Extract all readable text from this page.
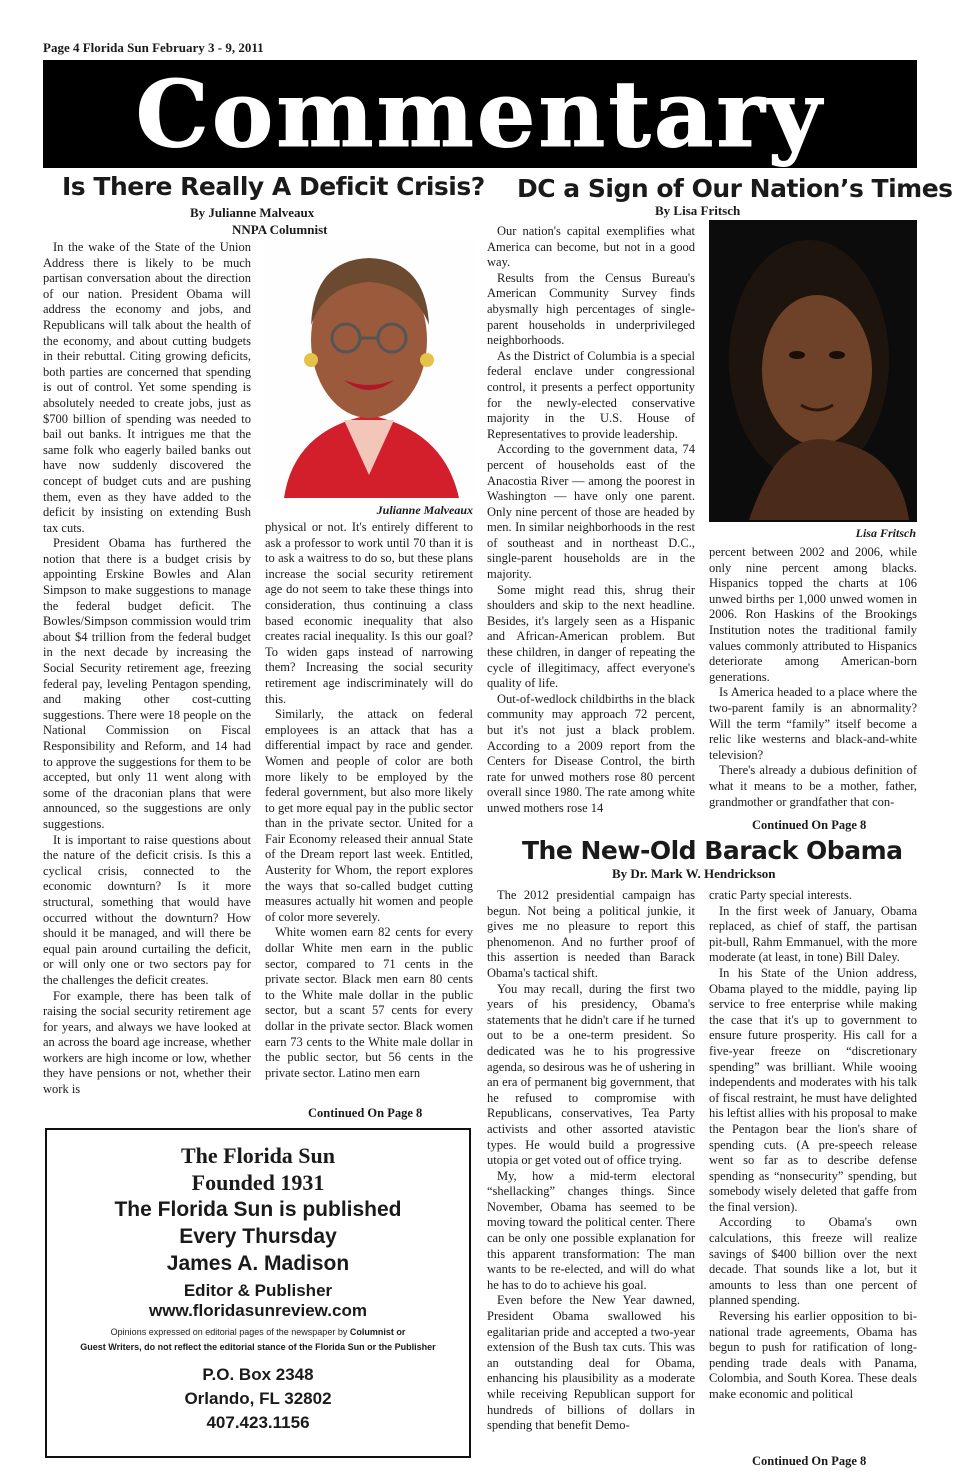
Page 4 Florida Sun February 3 - 9, 2011
Commentary
Is There Really A Deficit Crisis?
By Julianne Malveaux
NNPA Columnist

In the wake of the State of the Union Address there is likely to be much partisan conversation about the direction of our nation. President Obama will address the economy and jobs, and Republicans will talk about the health of the economy, and about cutting budgets in their rebuttal. Citing growing deficits, both parties are concerned that spending is out of control. Yet some spending is absolutely needed to create jobs, just as $700 billion of spending was needed to bail out banks. It intrigues me that the same folk who eagerly bailed banks out have now suddenly discovered the concept of budget cuts and are pushing them, even as they have added to the deficit by insisting on extending Bush tax cuts.

President Obama has furthered the notion that there is a budget crisis by appointing Erskine Bowles and Alan Simpson to make suggestions to manage the federal budget deficit. The Bowles/Simpson commission would trim about $4 trillion from the federal budget in the next decade by increasing the Social Security retirement age, freezing federal pay, leveling Pentagon spending, and making other cost-cutting suggestions. There were 18 people on the National Commission on Fiscal Responsibility and Reform, and 14 had to approve the suggestions for them to be accepted, but only 11 went along with some of the draconian plans that were announced, so the suggestions are only suggestions.

It is important to raise questions about the nature of the deficit crisis. Is this a cyclical crisis, connected to the economic downturn? Is it more structural, something that would have occurred without the downturn? How should it be managed, and will there be equal pain around curtailing the deficit, or will only one or two sectors pay for the challenges the deficit creates.

For example, there has been talk of raising the social security retirement age for years, and always we have looked at an across the board age increase, whether workers are high income or low, whether they have pensions or not, whether their work is

Julianne Malveaux

physical or not. It's entirely different to ask a professor to work until 70 than it is to ask a waitress to do so, but these plans increase the social security retirement age do not seem to take these things into consideration, thus continuing a class based economic inequality that also creates racial inequality. Is this our goal? To widen gaps instead of narrowing them? Increasing the social security retirement age indiscriminately will do this.

Similarly, the attack on federal employees is an attack that has a differential impact by race and gender. Women and people of color are both more likely to be employed by the federal government, but also more likely to get more equal pay in the public sector than in the private sector. United for a Fair Economy released their annual State of the Dream report last week. Entitled, Austerity for Whom, the report explores the ways that so-called budget cutting measures actually hit women and people of color more severely.

White women earn 82 cents for every dollar White men earn in the public sector, compared to 71 cents in the private sector. Black men earn 80 cents to the White male dollar in the public sector, but a scant 57 cents for every dollar in the private sector. Black women earn 73 cents to the White male dollar in the public sector, but 56 cents in the private sector. Latino men earn

Continued On Page 8
DC a Sign of Our Nation’s Times
By Lisa Fritsch

Our nation's capital exemplifies what America can become, but not in a good way.

Results from the Census Bureau's American Community Survey finds abysmally high percentages of single-parent households in underprivileged neighborhoods.

As the District of Columbia is a special federal enclave under congressional control, it presents a perfect opportunity for the newly-elected conservative majority in the U.S. House of Representatives to provide leadership.

According to the government data, 74 percent of households east of the Anacostia River — among the poorest in Washington — have only one parent. Only nine percent of those are headed by men. In similar neighborhoods in the rest of southeast and in northeast D.C., single-parent households are in the majority.

Some might read this, shrug their shoulders and skip to the next headline. Besides, it's largely seen as a Hispanic and African-American problem. But these children, in danger of repeating the cycle of illegitimacy, affect everyone's quality of life.

Out-of-wedlock childbirths in the black community may approach 72 percent, but it's not just a black problem. According to a 2009 report from the Centers for Disease Control, the birth rate for unwed mothers rose 80 percent overall since 1980. The rate among white unwed mothers rose 14

Lisa Fritsch

percent between 2002 and 2006, while only nine percent among blacks. Hispanics topped the charts at 106 unwed births per 1,000 unwed women in 2006. Ron Haskins of the Brookings Institution notes the traditional family values commonly attributed to Hispanics deteriorate among American-born generations.

Is America headed to a place where the two-parent family is an abnormality? Will the term “family” itself become a relic like westerns and black-and-white television?

There's already a dubious definition of what it means to be a mother, father, grandmother or grandfather that con-

Continued On Page 8
The New-Old Barack Obama
By Dr. Mark W. Hendrickson

The 2012 presidential campaign has begun. Not being a political junkie, it gives me no pleasure to report this phenomenon. And no further proof of this assertion is needed than Barack Obama's tactical shift.

You may recall, during the first two years of his presidency, Obama's statements that he didn't care if he turned out to be a one-term president. So dedicated was he to his progressive agenda, so desirous was he of ushering in an era of permanent big government, that he refused to compromise with Republicans, conservatives, Tea Party activists and other assorted atavistic types. He would build a progressive utopia or get voted out of office trying.

My, how a mid-term electoral “shellacking” changes things. Since November, Obama has seemed to be moving toward the political center. There can be only one possible explanation for this apparent transformation: The man wants to be re-elected, and will do what he has to do to achieve his goal.

Even before the New Year dawned, President Obama swallowed his egalitarian pride and accepted a two-year extension of the Bush tax cuts. This was an outstanding deal for Obama, enhancing his plausibility as a moderate while receiving Republican support for hundreds of billions of dollars in spending that benefit Demo-

cratic Party special interests.

In the first week of January, Obama replaced, as chief of staff, the partisan pit-bull, Rahm Emmanuel, with the more moderate (at least, in tone) Bill Daley.

In his State of the Union address, Obama played to the middle, paying lip service to free enterprise while making the case that it's up to government to ensure future prosperity. His call for a five-year freeze on “discretionary spending” was brilliant. While wooing independents and moderates with his talk of fiscal restraint, he must have delighted his leftist allies with his proposal to make the Pentagon bear the lion's share of spending cuts. (A pre-speech release went so far as to describe defense spending as “nonsecurity” spending, but somebody wisely deleted that gaffe from the final version).

According to Obama's own calculations, this freeze will realize savings of $400 billion over the next decade. That sounds like a lot, but it amounts to less than one percent of planned spending.

Reversing his earlier opposition to bi-national trade agreements, Obama has begun to push for ratification of long-pending trade deals with Panama, Colombia, and South Korea. These deals make economic and political

Continued On Page 8
The Florida Sun
Founded 1931
The Florida Sun is published
Every Thursday
James A. Madison
Editor & Publisher
www.floridasunreview.com
Opinions expressed on editorial pages of the newspaper by Columnist or
Guest Writers, do not reflect the editorial stance of the Florida Sun or the Publisher
P.O. Box 2348
Orlando, FL 32802
407.423.1156
